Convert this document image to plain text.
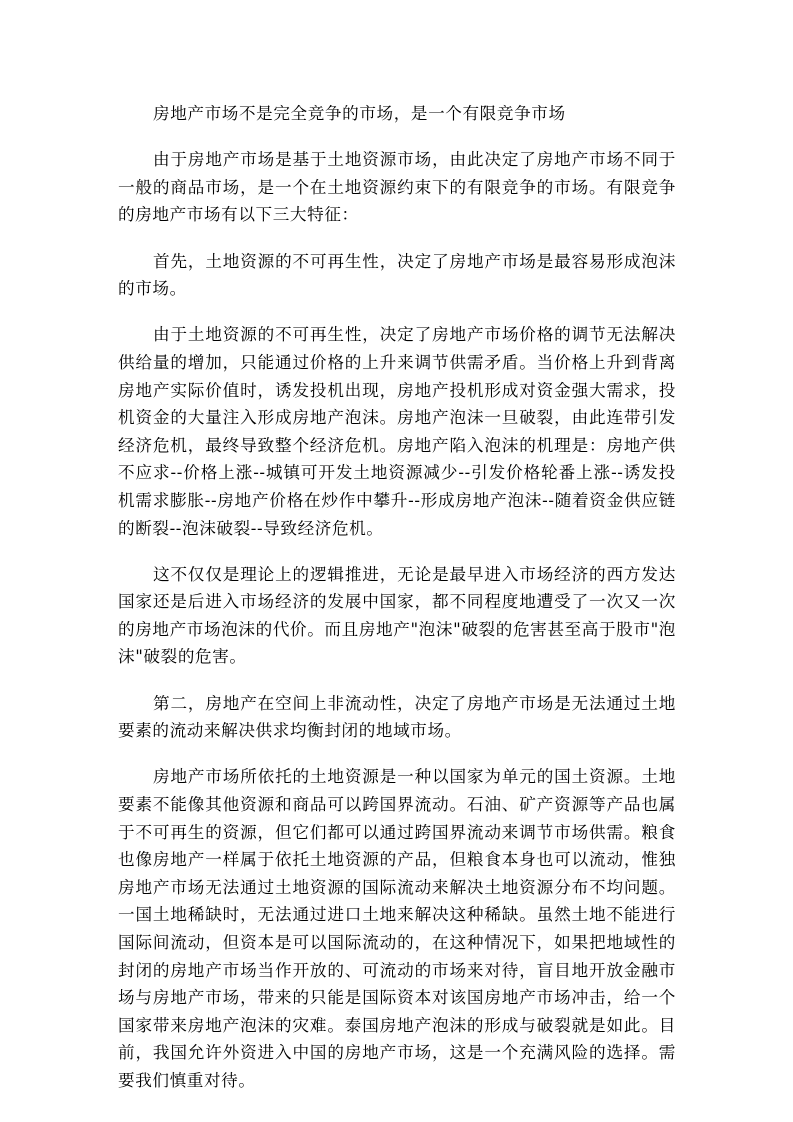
房地产市场不是完全竞争的市场，是一个有限竞争市场

由于房地产市场是基于土地资源市场，由此决定了房地产市场不同于一般的商品市场，是一个在土地资源约束下的有限竞争的市场。有限竞争的房地产市场有以下三大特征：

首先，土地资源的不可再生性，决定了房地产市场是最容易形成泡沫的市场。

由于土地资源的不可再生性，决定了房地产市场价格的调节无法解决供给量的增加，只能通过价格的上升来调节供需矛盾。当价格上升到背离房地产实际价值时，诱发投机出现，房地产投机形成对资金强大需求，投机资金的大量注入形成房地产泡沫。房地产泡沫一旦破裂，由此连带引发经济危机，最终导致整个经济危机。房地产陷入泡沫的机理是：房地产供不应求--价格上涨--城镇可开发土地资源减少--引发价格轮番上涨--诱发投机需求膨胀--房地产价格在炒作中攀升--形成房地产泡沫--随着资金供应链的断裂--泡沫破裂--导致经济危机。

这不仅仅是理论上的逻辑推进，无论是最早进入市场经济的西方发达国家还是后进入市场经济的发展中国家，都不同程度地遭受了一次又一次的房地产市场泡沫的代价。而且房地产"泡沫"破裂的危害甚至高于股市"泡沫"破裂的危害。

第二，房地产在空间上非流动性，决定了房地产市场是无法通过土地要素的流动来解决供求均衡封闭的地域市场。

房地产市场所依托的土地资源是一种以国家为单元的国土资源。土地要素不能像其他资源和商品可以跨国界流动。石油、矿产资源等产品也属于不可再生的资源，但它们都可以通过跨国界流动来调节市场供需。粮食也像房地产一样属于依托土地资源的产品，但粮食本身也可以流动，惟独房地产市场无法通过土地资源的国际流动来解决土地资源分布不均问题。一国土地稀缺时，无法通过进口土地来解决这种稀缺。虽然土地不能进行国际间流动，但资本是可以国际流动的，在这种情况下，如果把地域性的封闭的房地产市场当作开放的、可流动的市场来对待，盲目地开放金融市场与房地产市场，带来的只能是国际资本对该国房地产市场冲击，给一个国家带来房地产泡沫的灾难。泰国房地产泡沫的形成与破裂就是如此。目前，我国允许外资进入中国的房地产市场，这是一个充满风险的选择。需要我们慎重对待。
